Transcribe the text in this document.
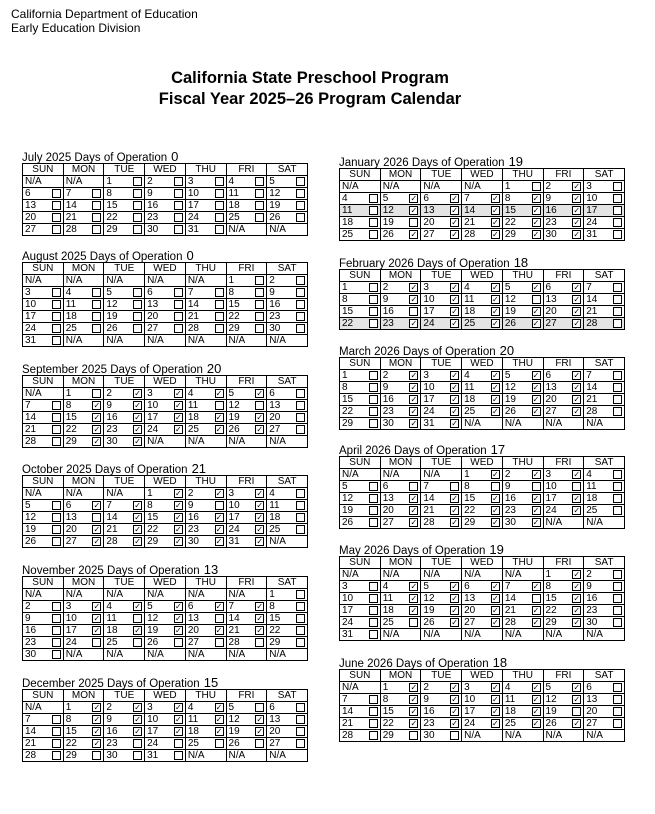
California Department of Education
Early Education Division
California State Preschool Program
Fiscal Year 2025–26 Program Calendar
July 2025 Days of Operation 0
SUN	MON	TUE	WED	THU	FRI	SAT
N/A	N/A	1	2	3	4	5

6	7	8	9	10	11	12

13	14	15	16	17	18	19

20	21	22	23	24	25	26

27	28	29	30	31	N/A	N/A
August 2025 Days of Operation 0
SUN	MON	TUE	WED	THU	FRI	SAT
N/A	N/A	N/A	N/A	N/A	1	2

3	4	5	6	7	8	9

10	11	12	13	14	15	16

17	18	19	20	21	22	23

24	25	26	27	28	29	30

31	N/A	N/A	N/A	N/A	N/A	N/A
September 2025 Days of Operation 20
SUN	MON	TUE	WED	THU	FRI	SAT
N/A	1	2 ✓	3 ✓	4 ✓	5 ✓	6

7	8 ✓	9 ✓	10 ✓	11	12	13

14	15 ✓	16 ✓	17 ✓	18 ✓	19 ✓	20

21	22 ✓	23 ✓	24 ✓	25 ✓	26 ✓	27

28	29 ✓	30 ✓	N/A	N/A	N/A	N/A
October 2025 Days of Operation 21
SUN	MON	TUE	WED	THU	FRI	SAT
N/A	N/A	N/A	1 ✓	2 ✓	3 ✓	4

5	6 ✓	7 ✓	8 ✓	9	10 ✓	11

12	13	14 ✓	15 ✓	16 ✓	17 ✓	18

19	20 ✓	21 ✓	22 ✓	23 ✓	24 ✓	25

26	27 ✓	28 ✓	29 ✓	30 ✓	31 ✓	N/A
November 2025 Days of Operation 13
SUN	MON	TUE	WED	THU	FRI	SAT
N/A	N/A	N/A	N/A	N/A	N/A	1

2	3 ✓	4 ✓	5 ✓	6 ✓	7 ✓	8

9	10 ✓	11	12 ✓	13	14 ✓	15

16	17 ✓	18 ✓	19 ✓	20 ✓	21 ✓	22

23	24	25	26	27	28	29

30	N/A	N/A	N/A	N/A	N/A	N/A
December 2025 Days of Operation 15
SUN	MON	TUE	WED	THU	FRI	SAT
N/A	1 ✓	2 ✓	3 ✓	4 ✓	5	6

7	8 ✓	9 ✓	10 ✓	11 ✓	12 ✓	13

14	15 ✓	16 ✓	17 ✓	18 ✓	19 ✓	20

21	22 ✓	23	24	25	26	27

28	29	30	31	N/A	N/A	N/A
January 2026 Days of Operation 19
SUN	MON	TUE	WED	THU	FRI	SAT
N/A	N/A	N/A	N/A	1	2 ✓	3

4	5 ✓	6 ✓	7 ✓	8 ✓	9 ✓	10

11	12 ✓	13 ✓	14 ✓	15 ✓	16 ✓	17

18	19	20 ✓	21 ✓	22 ✓	23 ✓	24

25	26 ✓	27 ✓	28 ✓	29 ✓	30 ✓	31
February 2026 Days of Operation 18
SUN	MON	TUE	WED	THU	FRI	SAT
1	2 ✓	3 ✓	4 ✓	5 ✓	6 ✓	7

8	9 ✓	10 ✓	11 ✓	12	13 ✓	14

15	16	17 ✓	18 ✓	19 ✓	20 ✓	21

22	23 ✓	24 ✓	25 ✓	26 ✓	27 ✓	28
March 2026 Days of Operation 20
SUN	MON	TUE	WED	THU	FRI	SAT
1	2 ✓	3 ✓	4 ✓	5 ✓	6 ✓	7

8	9 ✓	10 ✓	11 ✓	12 ✓	13 ✓	14

15	16 ✓	17 ✓	18 ✓	19 ✓	20 ✓	21

22	23 ✓	24 ✓	25 ✓	26 ✓	27 ✓	28

29	30 ✓	31 ✓	N/A	N/A	N/A	N/A
April 2026 Days of Operation 17
SUN	MON	TUE	WED	THU	FRI	SAT
N/A	N/A	N/A	1 ✓	2 ✓	3 ✓	4

5	6	7	8	9	10	11

12	13 ✓	14 ✓	15 ✓	16 ✓	17 ✓	18

19	20 ✓	21 ✓	22 ✓	23 ✓	24 ✓	25

26	27 ✓	28 ✓	29 ✓	30 ✓	N/A	N/A
May 2026 Days of Operation 19
SUN	MON	TUE	WED	THU	FRI	SAT
N/A	N/A	N/A	N/A	N/A	1 ✓	2

3	4 ✓	5 ✓	6 ✓	7 ✓	8 ✓	9

10	11 ✓	12 ✓	13 ✓	14	15 ✓	16

17	18 ✓	19 ✓	20 ✓	21 ✓	22 ✓	23

24	25	26 ✓	27 ✓	28 ✓	29 ✓	30

31	N/A	N/A	N/A	N/A	N/A	N/A
June 2026 Days of Operation 18
SUN	MON	TUE	WED	THU	FRI	SAT
N/A	1 ✓	2 ✓	3 ✓	4 ✓	5 ✓	6

7	8 ✓	9 ✓	10 ✓	11 ✓	12 ✓	13

14	15 ✓	16 ✓	17 ✓	18 ✓	19	20

21	22 ✓	23 ✓	24 ✓	25 ✓	26 ✓	27

28	29	30	N/A	N/A	N/A	N/A
